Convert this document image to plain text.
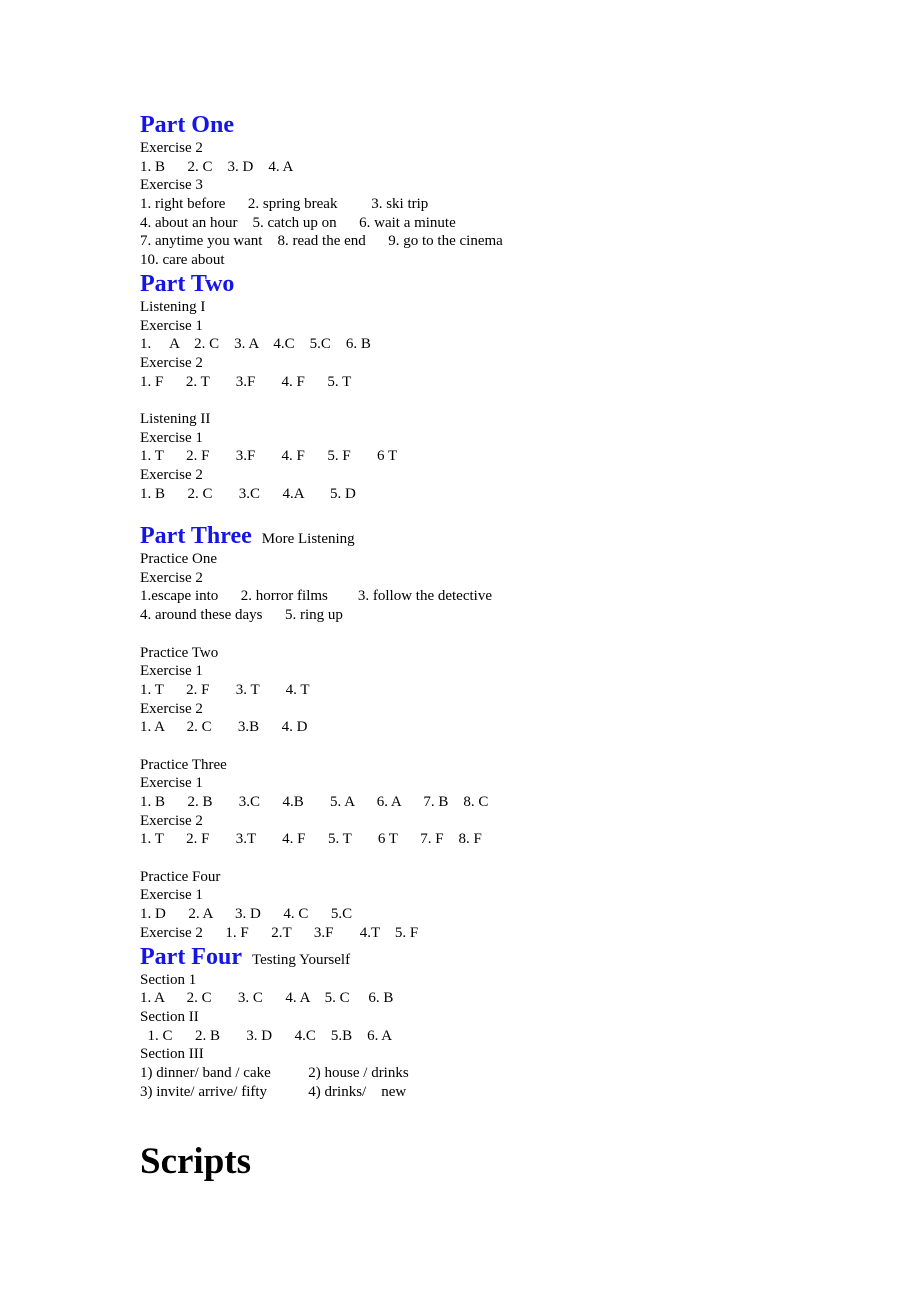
Part One
Exercise 2
1. B      2. C    3. D    4. A
Exercise 3
1. right before      2. spring break         3. ski trip
4. about an hour    5. catch up on      6. wait a minute
7. anytime you want    8. read the end      9. go to the cinema
10. care about
Part Two
Listening I
Exercise 1
1.     A    2. C    3. A    4.C    5.C    6. B
Exercise 2
1. F      2. T       3.F       4. F      5. T
Listening II
Exercise 1
1. T      2. F       3.F       4. F      5. F       6 T
Exercise 2
1. B      2. C       3.C      4.A       5. D
Part Three More Listening
Practice One
Exercise 2
1.escape into      2. horror films        3. follow the detective
4. around these days      5. ring up
Practice Two
Exercise 1
1. T      2. F       3. T       4. T
Exercise 2
1. A      2. C       3.B      4. D
Practice Three
Exercise 1
1. B      2. B       3.C      4.B       5. A      6. A      7. B    8. C
Exercise 2
1. T      2. F       3.T       4. F      5. T       6 T      7. F    8. F
Practice Four
Exercise 1
1. D      2. A      3. D      4. C      5.C
Exercise 2      1. F      2.T      3.F       4.T    5. F
Part Four Testing Yourself
Section 1
1. A      2. C       3. C      4. A    5. C     6. B
Section II
1. C      2. B       3. D      4.C    5.B    6. A
Section III
1) dinner/ band / cake          2) house / drinks
3) invite/ arrive/ fifty           4) drinks/    new
Scripts
